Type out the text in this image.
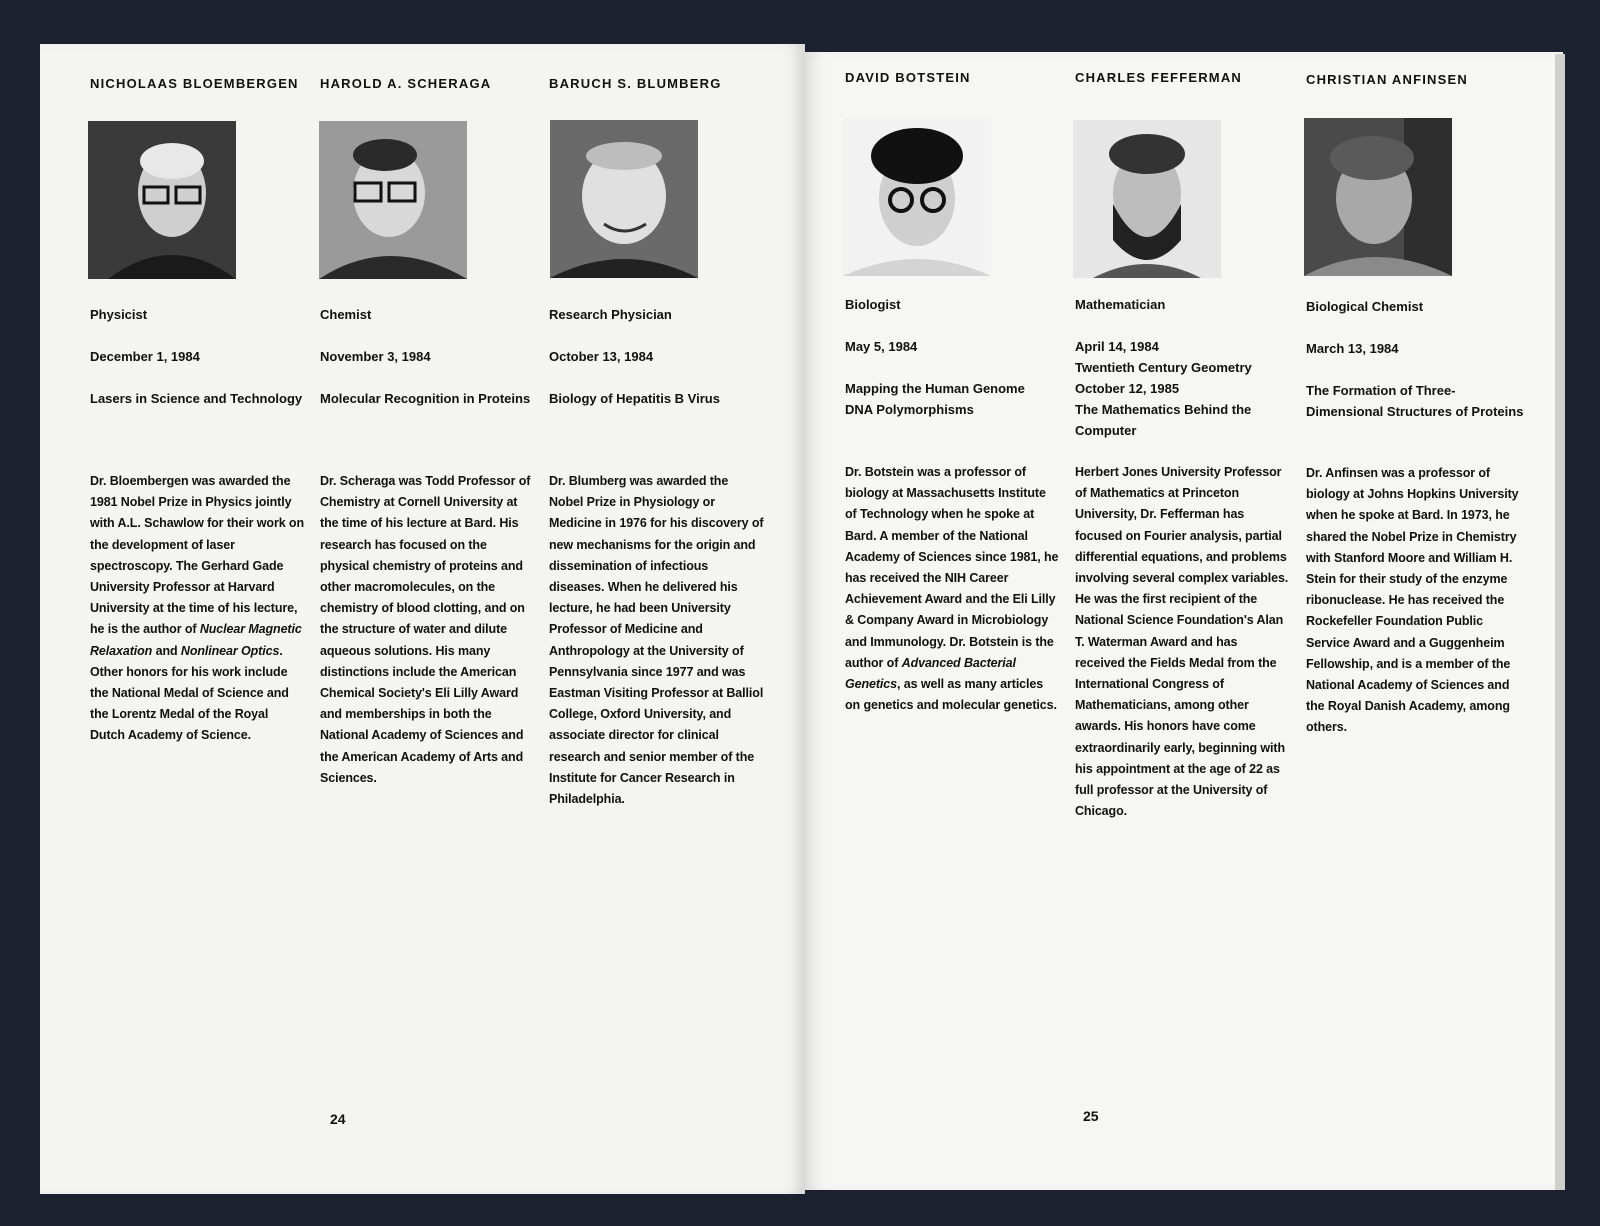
NICHOLAAS BLOEMBERGEN
Physicist
December 1, 1984
Lasers in Science and Technology
Dr. Bloembergen was awarded the 1981 Nobel Prize in Physics jointly with A.L. Schawlow for their work on the development of laser spectroscopy. The Gerhard Gade University Professor at Harvard University at the time of his lecture, he is the author of Nuclear Magnetic Relaxation and Nonlinear Optics. Other honors for his work include the National Medal of Science and the Lorentz Medal of the Royal Dutch Academy of Science.
HAROLD A. SCHERAGA
Chemist
November 3, 1984
Molecular Recognition in Proteins
Dr. Scheraga was Todd Professor of Chemistry at Cornell University at the time of his lecture at Bard. His research has focused on the physical chemistry of proteins and other macromolecules, on the chemistry of blood clotting, and on the structure of water and dilute aqueous solutions. His many distinctions include the American Chemical Society's Eli Lilly Award and memberships in both the National Academy of Sciences and the American Academy of Arts and Sciences.
BARUCH S. BLUMBERG
Research Physician
October 13, 1984
Biology of Hepatitis B Virus
Dr. Blumberg was awarded the Nobel Prize in Physiology or Medicine in 1976 for his discovery of new mechanisms for the origin and dissemination of infectious diseases. When he delivered his lecture, he had been University Professor of Medicine and Anthropology at the University of Pennsylvania since 1977 and was Eastman Visiting Professor at Balliol College, Oxford University, and associate director for clinical research and senior member of the Institute for Cancer Research in Philadelphia.
24
DAVID BOTSTEIN
Biologist
May 5, 1984
Mapping the Human Genome
DNA Polymorphisms
Dr. Botstein was a professor of biology at Massachusetts Institute of Technology when he spoke at Bard. A member of the National Academy of Sciences since 1981, he has received the NIH Career Achievement Award and the Eli Lilly & Company Award in Microbiology and Immunology. Dr. Botstein is the author of Advanced Bacterial Genetics, as well as many articles on genetics and molecular genetics.
CHARLES FEFFERMAN
Mathematician
April 14, 1984
Twentieth Century Geometry
October 12, 1985
The Mathematics Behind the Computer
Herbert Jones University Professor of Mathematics at Princeton University, Dr. Fefferman has focused on Fourier analysis, partial differential equations, and problems involving several complex variables. He was the first recipient of the National Science Foundation's Alan T. Waterman Award and has received the Fields Medal from the International Congress of Mathematicians, among other awards. His honors have come extraordinarily early, beginning with his appointment at the age of 22 as full professor at the University of Chicago.
CHRISTIAN ANFINSEN
Biological Chemist
March 13, 1984
The Formation of Three-
Dimensional Structures of Proteins
Dr. Anfinsen was a professor of biology at Johns Hopkins University when he spoke at Bard. In 1973, he shared the Nobel Prize in Chemistry with Stanford Moore and William H. Stein for their study of the enzyme ribonuclease. He has received the Rockefeller Foundation Public Service Award and a Guggenheim Fellowship, and is a member of the National Academy of Sciences and the Royal Danish Academy, among others.
25
